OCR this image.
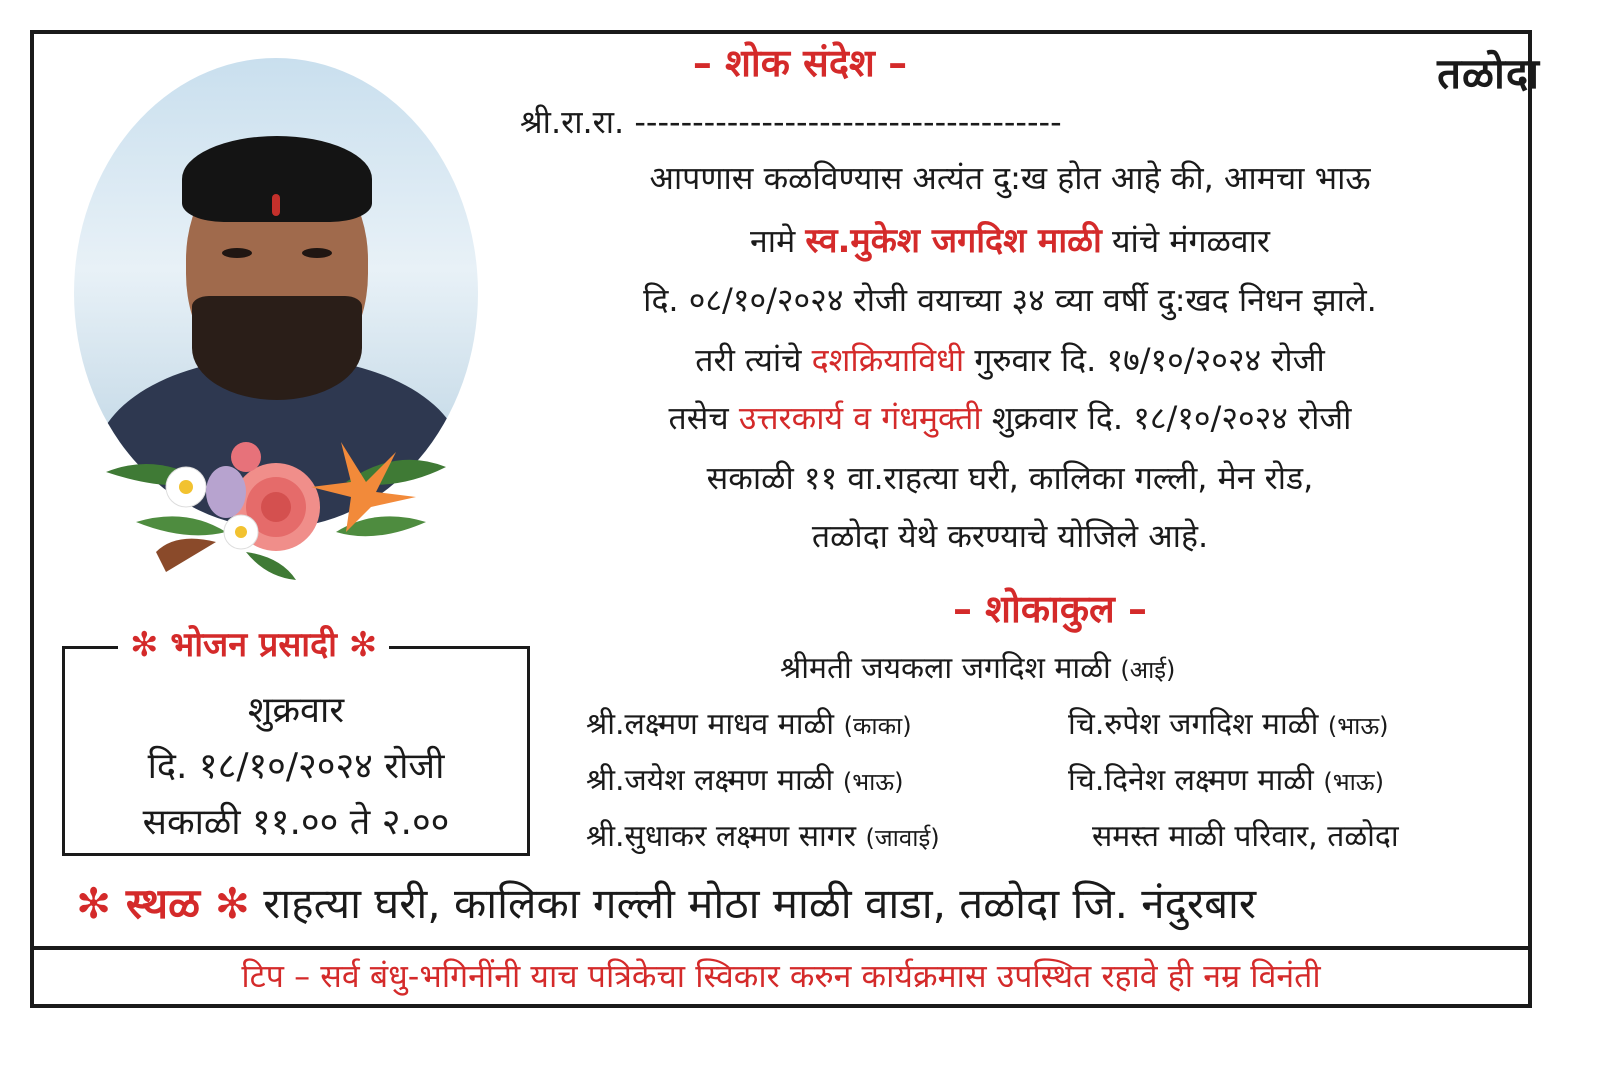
– शोक संदेश –	तळोदा
श्री.रा.रा. -------------------------------------
आपणास कळविण्यास अत्यंत दु:ख होत आहे की, आमचा भाऊ
नामे स्व.मुकेश जगदिश माळी यांचे मंगळवार
दि. ०८/१०/२०२४ रोजी वयाच्या ३४ व्या वर्षी दु:खद निधन झाले.
तरी त्यांचे दशक्रियाविधी गुरुवार दि. १७/१०/२०२४ रोजी
तसेच उत्तरकार्य व गंधमुक्ती शुक्रवार दि. १८/१०/२०२४ रोजी
सकाळी ११ वा.राहत्या घरी, कालिका गल्ली, मेन रोड,
तळोदा येथे करण्याचे योजिले आहे.
✻ भोजन प्रसादी ✻
शुक्रवार
दि. १८/१०/२०२४ रोजी
सकाळी ११.०० ते २.००
– शोकाकुल –
श्रीमती जयकला जगदिश माळी (आई)
श्री.लक्ष्मण माधव माळी (काका)	चि.रुपेश जगदिश माळी (भाऊ)
श्री.जयेश लक्ष्मण माळी (भाऊ)	चि.दिनेश लक्ष्मण माळी (भाऊ)
श्री.सुधाकर लक्ष्मण सागर (जावाई)	समस्त माळी परिवार, तळोदा
✻ स्थळ ✻ राहत्या घरी, कालिका गल्ली मोठा माळी वाडा, तळोदा जि. नंदुरबार
टिप – सर्व बंधु-भगिनींनी याच पत्रिकेचा स्विकार करुन कार्यक्रमास उपस्थित रहावे ही नम्र विनंती
